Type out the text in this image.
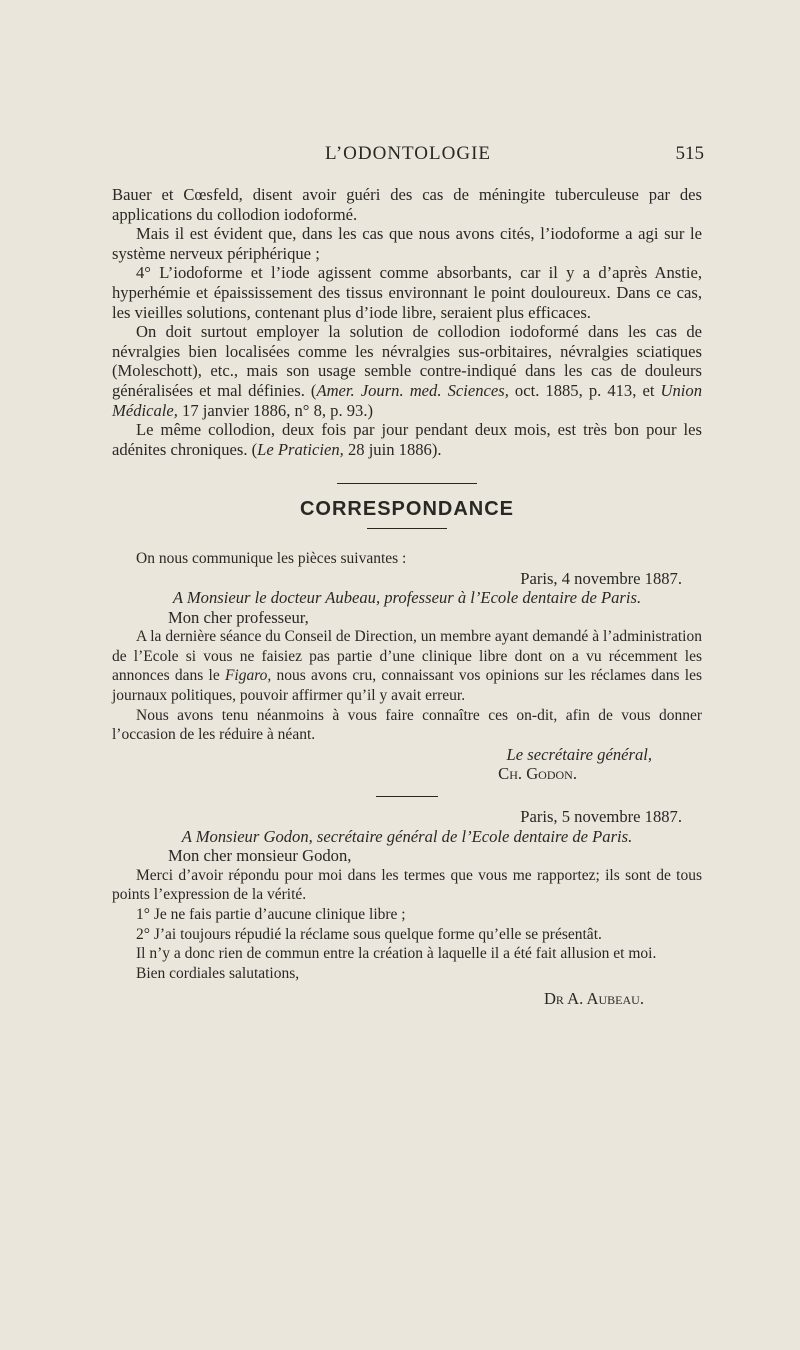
L’ODONTOLOGIE	515

Bauer et Cœsfeld, disent avoir guéri des cas de méningite tuberculeuse par des applications du collodion iodoformé.

Mais il est évident que, dans les cas que nous avons cités, l’iodoforme a agi sur le système nerveux périphérique ;

4° L’iodoforme et l’iode agissent comme absorbants, car il y a d’après Anstie, hyperhémie et épaississement des tissus environnant le point douloureux. Dans ce cas, les vieilles solutions, contenant plus d’iode libre, seraient plus efficaces.

On doit surtout employer la solution de collodion iodoformé dans les cas de névralgies bien localisées comme les névralgies sus-orbitaires, névralgies sciatiques (Moleschott), etc., mais son usage semble contre-indiqué dans les cas de douleurs généralisées et mal définies. (Amer. Journ. med. Sciences, oct. 1885, p. 413, et Union Médicale, 17 janvier 1886, n° 8, p. 93.)

Le même collodion, deux fois par jour pendant deux mois, est très bon pour les adénites chroniques. (Le Praticien, 28 juin 1886).

CORRESPONDANCE

On nous communique les pièces suivantes :

Paris, 4 novembre 1887.

A Monsieur le docteur Aubeau, professeur à l’Ecole dentaire de Paris.

Mon cher professeur,

A la dernière séance du Conseil de Direction, un membre ayant demandé à l’administration de l’Ecole si vous ne faisiez pas partie d’une clinique libre dont on a vu récemment les annonces dans le Figaro, nous avons cru, connaissant vos opinions sur les réclames dans les journaux politiques, pouvoir affirmer qu’il y avait erreur.

Nous avons tenu néanmoins à vous faire connaître ces on-dit, afin de vous donner l’occasion de les réduire à néant.

Le secrétaire général,

Ch. Godon.

Paris, 5 novembre 1887.

A Monsieur Godon, secrétaire général de l’Ecole dentaire de Paris.

Mon cher monsieur Godon,

Merci d’avoir répondu pour moi dans les termes que vous me rapportez; ils sont de tous points l’expression de la vérité.

1° Je ne fais partie d’aucune clinique libre ;

2° J’ai toujours répudié la réclame sous quelque forme qu’elle se présentât.

Il n’y a donc rien de commun entre la création à laquelle il a été fait allusion et moi.

Bien cordiales salutations,

Dr A. Aubeau.
